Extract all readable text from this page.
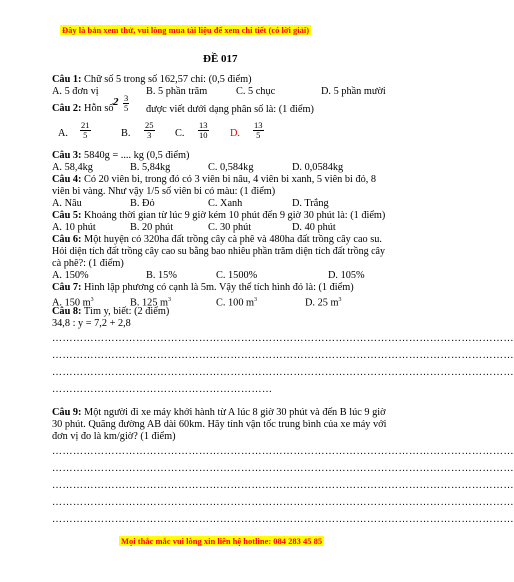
Đây là bản xem thử, vui lòng mua tài liệu để xem chi tiết (có lời giải)
ĐỀ 017
Câu 1: Chữ số 5 trong số 162,57 chỉ: (0,5 điểm)
A. 5 đơn vị	B. 5 phần trăm	C. 5 chục	D. 5 phần mười
Câu 2: Hỗn số
$2 \frac{3}{5}$ được viết dưới dạng phân số là: (1 điểm)
A. $\frac{21}{5}$	B. $\frac{25}{3} C$. $\frac{13}{10} D$. $\frac{13}{5}$
Câu 3: 5840g = .... kg (0,5 điểm)
A. 58,4kg	B. 5,84kg	C. 0,584kg	D. 0,0584kg
Câu 4: Có 20 viên bi, trong đó có 3 viên bi nâu, 4 viên bi xanh, 5 viên bi đỏ, 8
viên bi vàng. Như vậy 1/5 số viên bi có màu: (1 điểm)
A. Nâu	B. Đỏ	C. Xanh	D. Trắng
Câu 5: Khoảng thời gian từ lúc 9 giờ kém 10 phút đến 9 giờ 30 phút là: (1 điểm)
A. 10 phút	B. 20 phút	C. 30 phút	D. 40 phút
Câu 6: Một huyện có 320ha đất trồng cây cà phê và 480ha đất trồng cây cao su.
Hỏi diện tích đất trồng cây cao su bằng bao nhiêu phần trăm diện tích đất trồng cây
cà phê?: (1 điểm)
A. 150%	B. 15%	C. 1500%	D. 105%
Câu 7: Hình lập phương có cạnh là 5m. Vậy thể tích hình đó là: (1 điểm)
A. 150 $m^3$	B. 125 $m^3$	C. 100 $m^3$	D. 25 $m^3$
Câu 8: Tìm y, biết: (2 điểm)
34,8 : y = 7,2 + 2,8
……………………………………………………………………………………………………………………
……………………………………………………………………………………………………………………
……………………………………………………………………………………………………………………
………………………………………………………
Câu 9: Một người đi xe máy khởi hành từ A lúc 8 giờ 30 phút và đến B lúc 9 giờ
30 phút. Quãng đường AB dài 60km. Hãy tính vận tốc trung bình của xe máy với
đơn vị đo là km/giờ? (1 điểm)
……………………………………………………………………………………………………………………
……………………………………………………………………………………………………………………
……………………………………………………………………………………………………………………
……………………………………………………………………………………………………………………
……………………………………………………………………………………………………………………
Mọi thắc mắc vui lòng xin liên hệ hotline: 084 283 45 85
